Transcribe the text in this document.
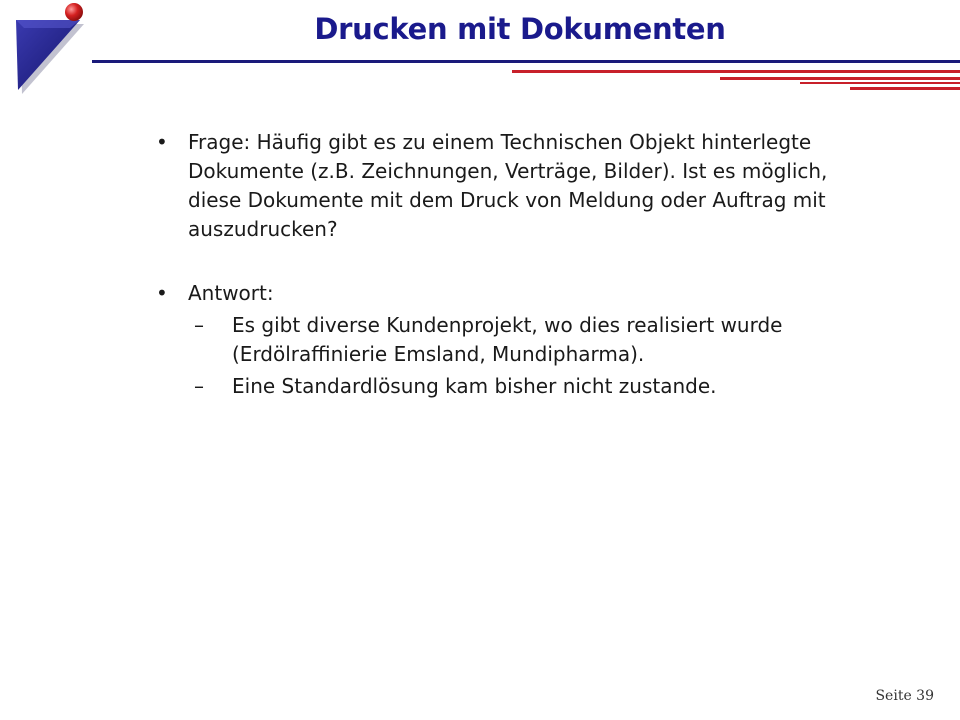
Drucken mit Dokumenten
• Frage: Häufig gibt es zu einem Technischen Objekt hinterlegte Dokumente (z.B. Zeichnungen, Verträge, Bilder). Ist es möglich, diese Dokumente mit dem Druck von Meldung oder Auftrag mit auszudrucken?
• Antwort:
– Es gibt diverse Kundenprojekt, wo dies realisiert wurde (Erdölraffinierie Emsland, Mundipharma).
– Eine Standardlösung kam bisher nicht zustande.
Seite 39
